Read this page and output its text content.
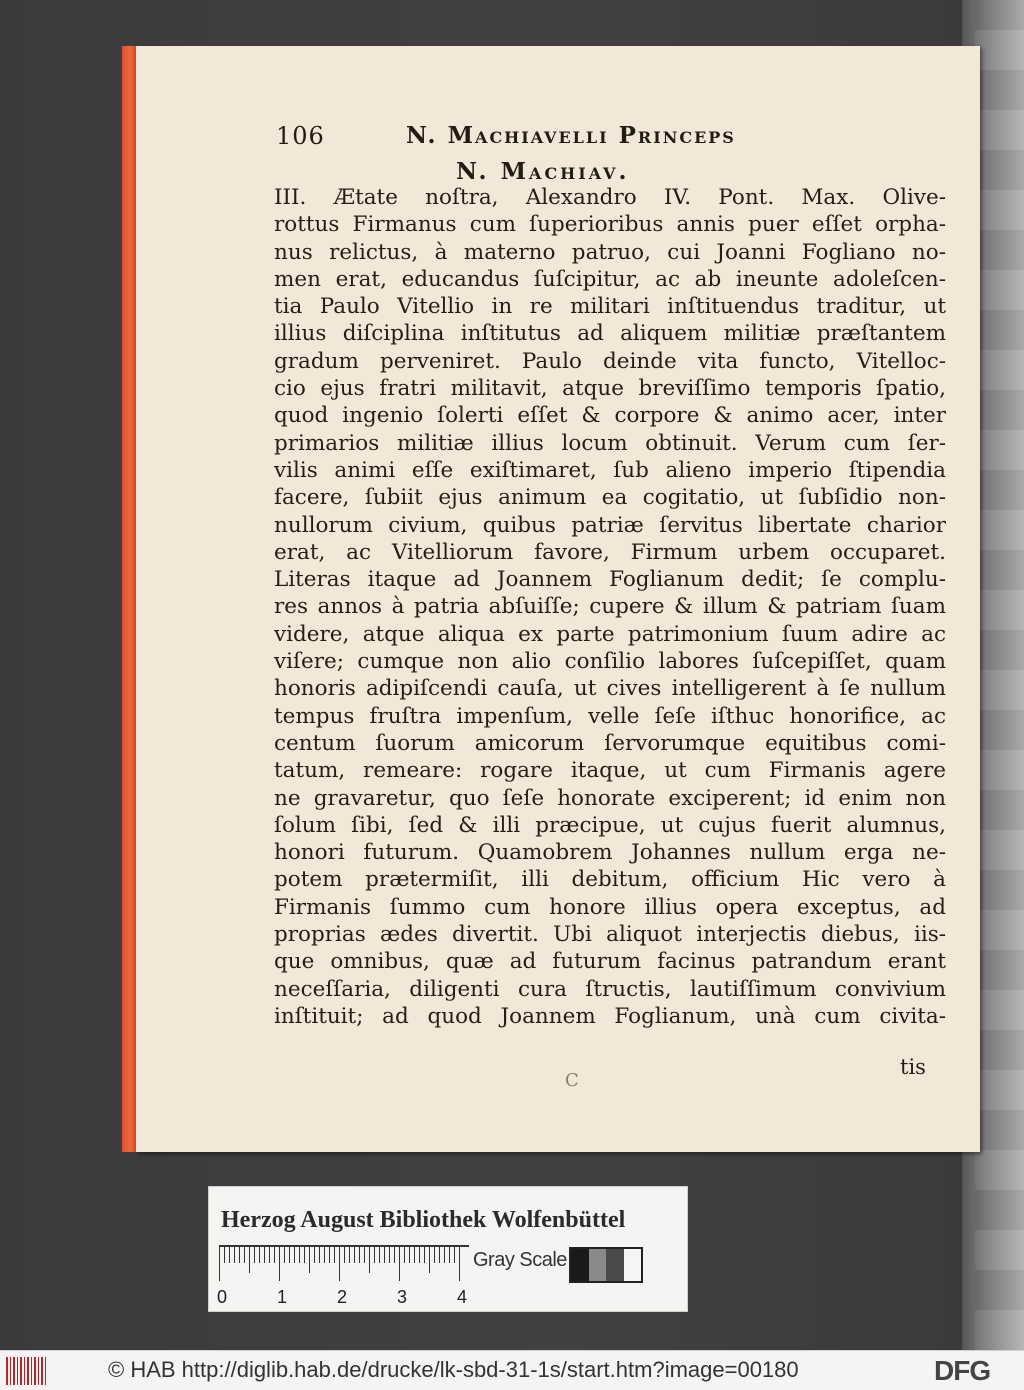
106	N. Machiavelli Princeps
N. Machiav.
III. Ætate noſtra, Alexandro IV. Pont. Max. Olive-
rottus Firmanus cum ſuperioribus annis puer eſſet orpha-
nus relictus, à materno patruo, cui Joanni Fogliano no-
men erat, educandus ſuſcipitur, ac ab ineunte adoleſcen-
tia Paulo Vitellio in re militari inſtituendus traditur, ut
illius diſciplina inſtitutus ad aliquem militiæ præſtantem
gradum perveniret. Paulo deinde vita functo, Vitelloc-
cio ejus fratri militavit, atque breviſſimo temporis ſpatio,
quod ingenio ſolerti eſſet & corpore & animo acer, inter
primarios militiæ illius locum obtinuit. Verum cum ſer-
vilis animi eſſe exiſtimaret, ſub alieno imperio ſtipendia
facere, ſubiit ejus animum ea cogitatio, ut ſubſidio non-
nullorum civium, quibus patriæ ſervitus libertate charior
erat, ac Vitelliorum favore, Firmum urbem occuparet.
Literas itaque ad Joannem Foglianum dedit; ſe complu-
res annos à patria abſuiſſe; cupere & illum & patriam ſuam
videre, atque aliqua ex parte patrimonium ſuum adire ac
viſere; cumque non alio conſilio labores ſuſcepiſſet, quam
honoris adipiſcendi cauſa, ut cives intelligerent à ſe nullum
tempus fruſtra impenſum, velle ſeſe iſthuc honorifice, ac
centum ſuorum amicorum ſervorumque equitibus comi-
tatum, remeare: rogare itaque, ut cum Firmanis agere
ne gravaretur, quo ſeſe honorate exciperent; id enim non
ſolum ſibi, ſed & illi præcipue, ut cujus fuerit alumnus,
honori futurum. Quamobrem Johannes nullum erga ne-
potem prætermiſit, illi debitum, officium Hic vero à
Firmanis ſummo cum honore illius opera exceptus, ad
proprias ædes divertit. Ubi aliquot interjectis diebus, iis-
que omnibus, quæ ad futurum facinus patrandum erant
neceſſaria, diligenti cura ſtructis, lautiſſimum convivium
inſtituit; ad quod Joannem Foglianum, unà cum civita-
tis
C
Herzog August Bibliothek Wolfenbüttel
0	1	2	3	4
Gray Scale
© HAB http://diglib.hab.de/drucke/lk-sbd-31-1s/start.htm?image=00180	DFG
